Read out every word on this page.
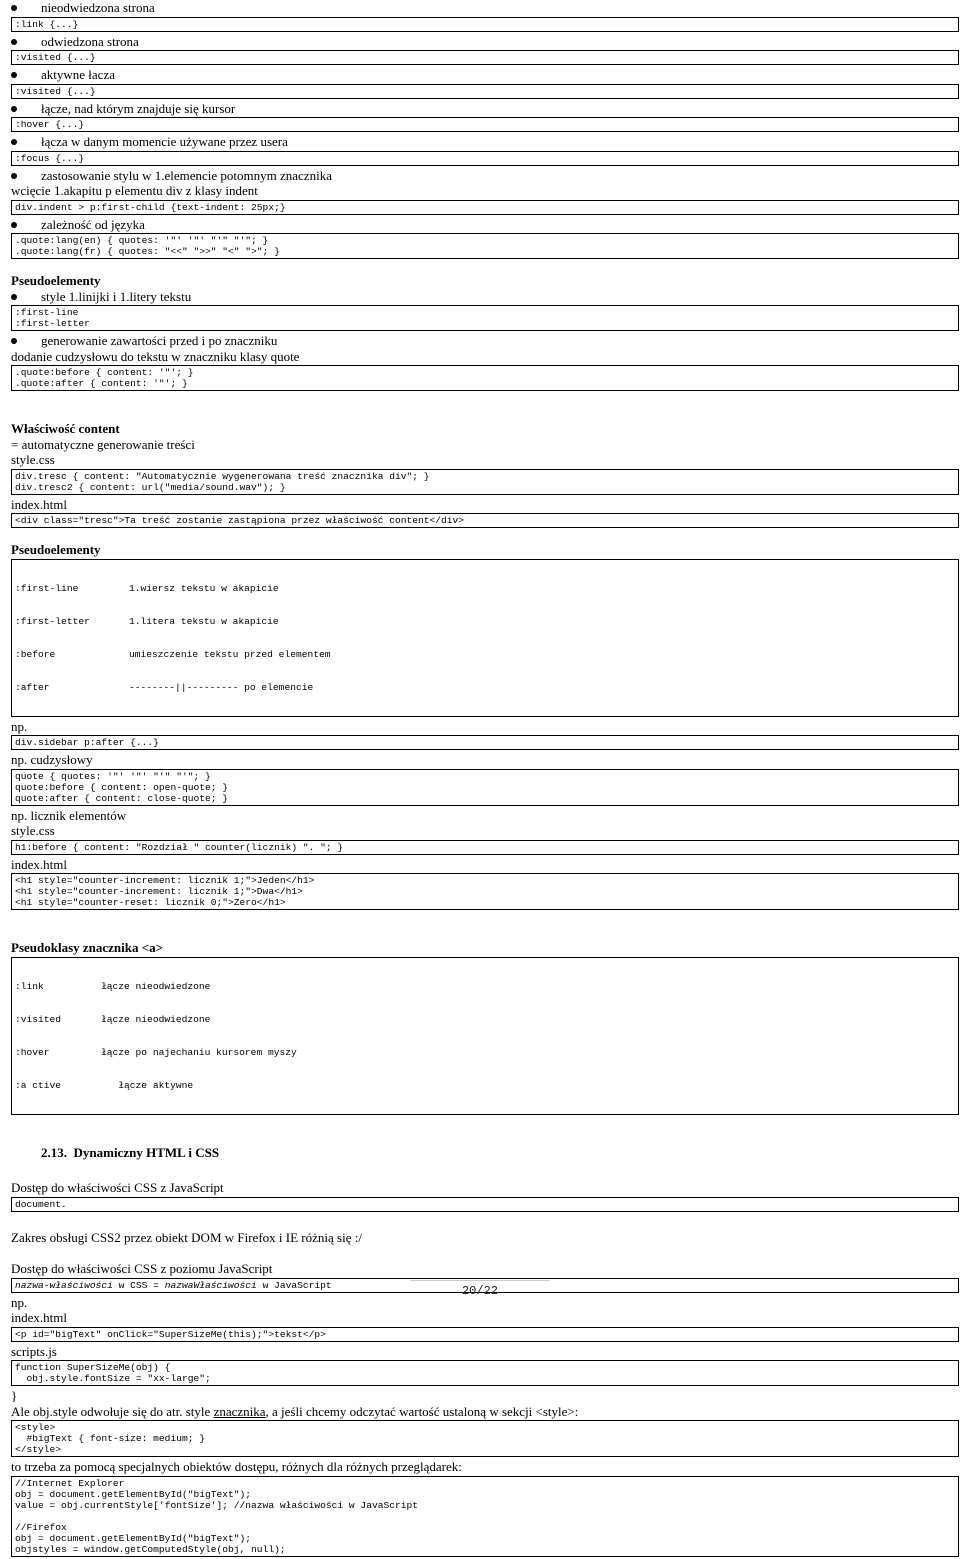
nieodwiedzona strona
:link {...}
odwiedzona strona
:visited {...}
aktywne łacza
:visited {...}
łącze, nad którym znajduje się kursor
:hover {...}
łącza w danym momencie używane przez usera
:focus {...}
zastosowanie stylu w 1.elemencie potomnym znacznika
wcięcie 1.akapitu p elementu div z klasy indent
div.indent > p:first-child {text-indent: 25px;}
zależność od języka
.quote:lang(en) { quotes: '"' '"' "'" "'"; }
.quote:lang(fr) { quotes: "<<" ">>" "<" ">"; }
Pseudoelementy
style 1.linijki i 1.litery tekstu
:first-line
:first-letter
generowanie zawartości przed i po znaczniku
dodanie cudzysłowu do tekstu w znaczniku klasy quote
.quote:before { content: '"'; }
.quote:after { content: '"'; }
Właściwość content
= automatyczne generowanie treści
style.css
div.tresc { content: "Automatycznie wygenerowana treść znacznika div"; }
div.tresc2 { content: url("media/sound.wav"); }
index.html
<div class="tresc">Ta treść zostanie zastąpiona przez właściwość content</div>
Pseudoelementy

:first-line	1.wiersz tekstu w akapicie

:first-letter	1.litera tekstu w akapicie

:before	umieszczenie tekstu przed elementem

:after	--------||--------- po elemencie

np.
div.sidebar p:after {...}
np. cudzysłowy
quote { quotes: '"' '"' "'" "'"; }
quote:before { content: open-quote; }
quote:after { content: close-quote; }
np. licznik elementów
style.css
h1:before { content: "Rozdział " counter(licznik) ". "; }
index.html
<h1 style="counter-increment: licznik 1;">Jeden</h1>
<h1 style="counter-increment: licznik 1;">Dwa</h1>
<h1 style="counter-reset: licznik 0;">Zero</h1>
Pseudoklasy znacznika <a>

:link	łącze nieodwiedzone

:visited	łącze nieodwiedzone

:hover	łącze po najechaniu kursorem myszy

:a ctive	łącze aktywne

2.13.  Dynamiczny HTML i CSS
Dostęp do właściwości CSS z JavaScript
document.
Zakres obsługi CSS2 przez obiekt DOM w Firefox i IE różnią się :/
Dostęp do właściwości CSS z poziomu JavaScript
nazwa-właściwości w CSS = nazwaWłaściwości w JavaScript
np.
index.html
<p id="bigText" onClick="SuperSizeMe(this);">tekst</p>
scripts.js
function SuperSizeMe(obj) {
obj.style.fontSize = "xx-large";
}
Ale obj.style odwołuje się do atr. style znacznika, a jeśli chcemy odczytać wartość ustaloną w sekcji <style>:
<style>
#bigText { font-size: medium; }
</style>
to trzeba za pomocą specjalnych obiektów dostępu, różnych dla różnych przeglądarek:
//Internet Explorer
obj = document.getElementById("bigText");
value = obj.currentStyle['fontSize']; //nazwa właściwości w JavaScript
//Firefox
obj = document.getElementById("bigText");
objstyles = window.getComputedStyle(obj, null);
20/22
